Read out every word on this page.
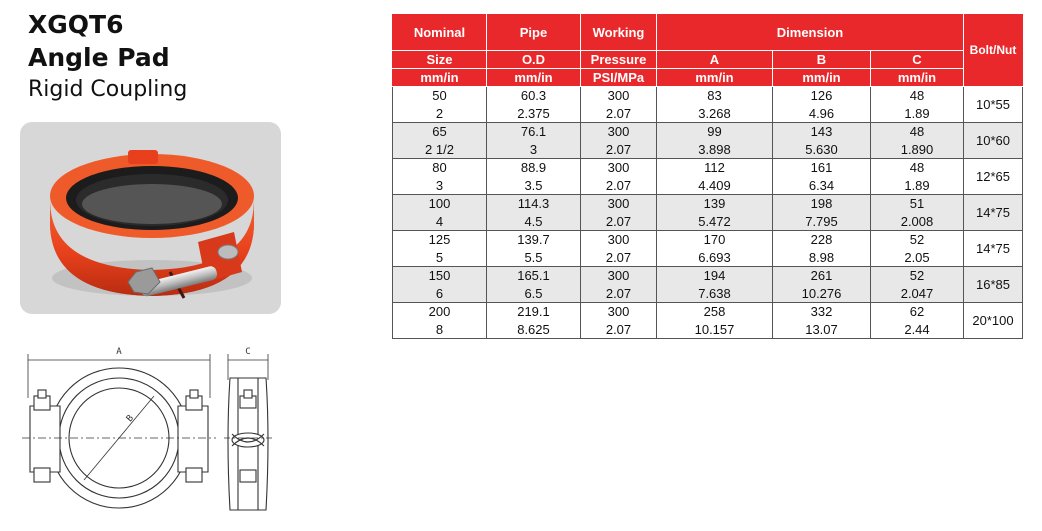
XGQT6
Angle Pad
Rigid Coupling
A
B
C
Nominal	Pipe	Working	Dimension			Bolt/Nut
Size	O.D	Pressure	A	B	C	
mm/in	mm/in	PSI/MPa	mm/in	mm/in	mm/in	
50	60.3	300	83	126	48	10*55
2	2.375	2.07	3.268	4.96	1.89	
65	76.1	300	99	143	48	10*60
2 1/2	3	2.07	3.898	5.630	1.890	
80	88.9	300	112	161	48	12*65
3	3.5	2.07	4.409	6.34	1.89	
100	114.3	300	139	198	51	14*75
4	4.5	2.07	5.472	7.795	2.008	
125	139.7	300	170	228	52	14*75
5	5.5	2.07	6.693	8.98	2.05	
150	165.1	300	194	261	52	16*85
6	6.5	2.07	7.638	10.276	2.047	
200	219.1	300	258	332	62	20*100
8	8.625	2.07	10.157	13.07	2.44	
